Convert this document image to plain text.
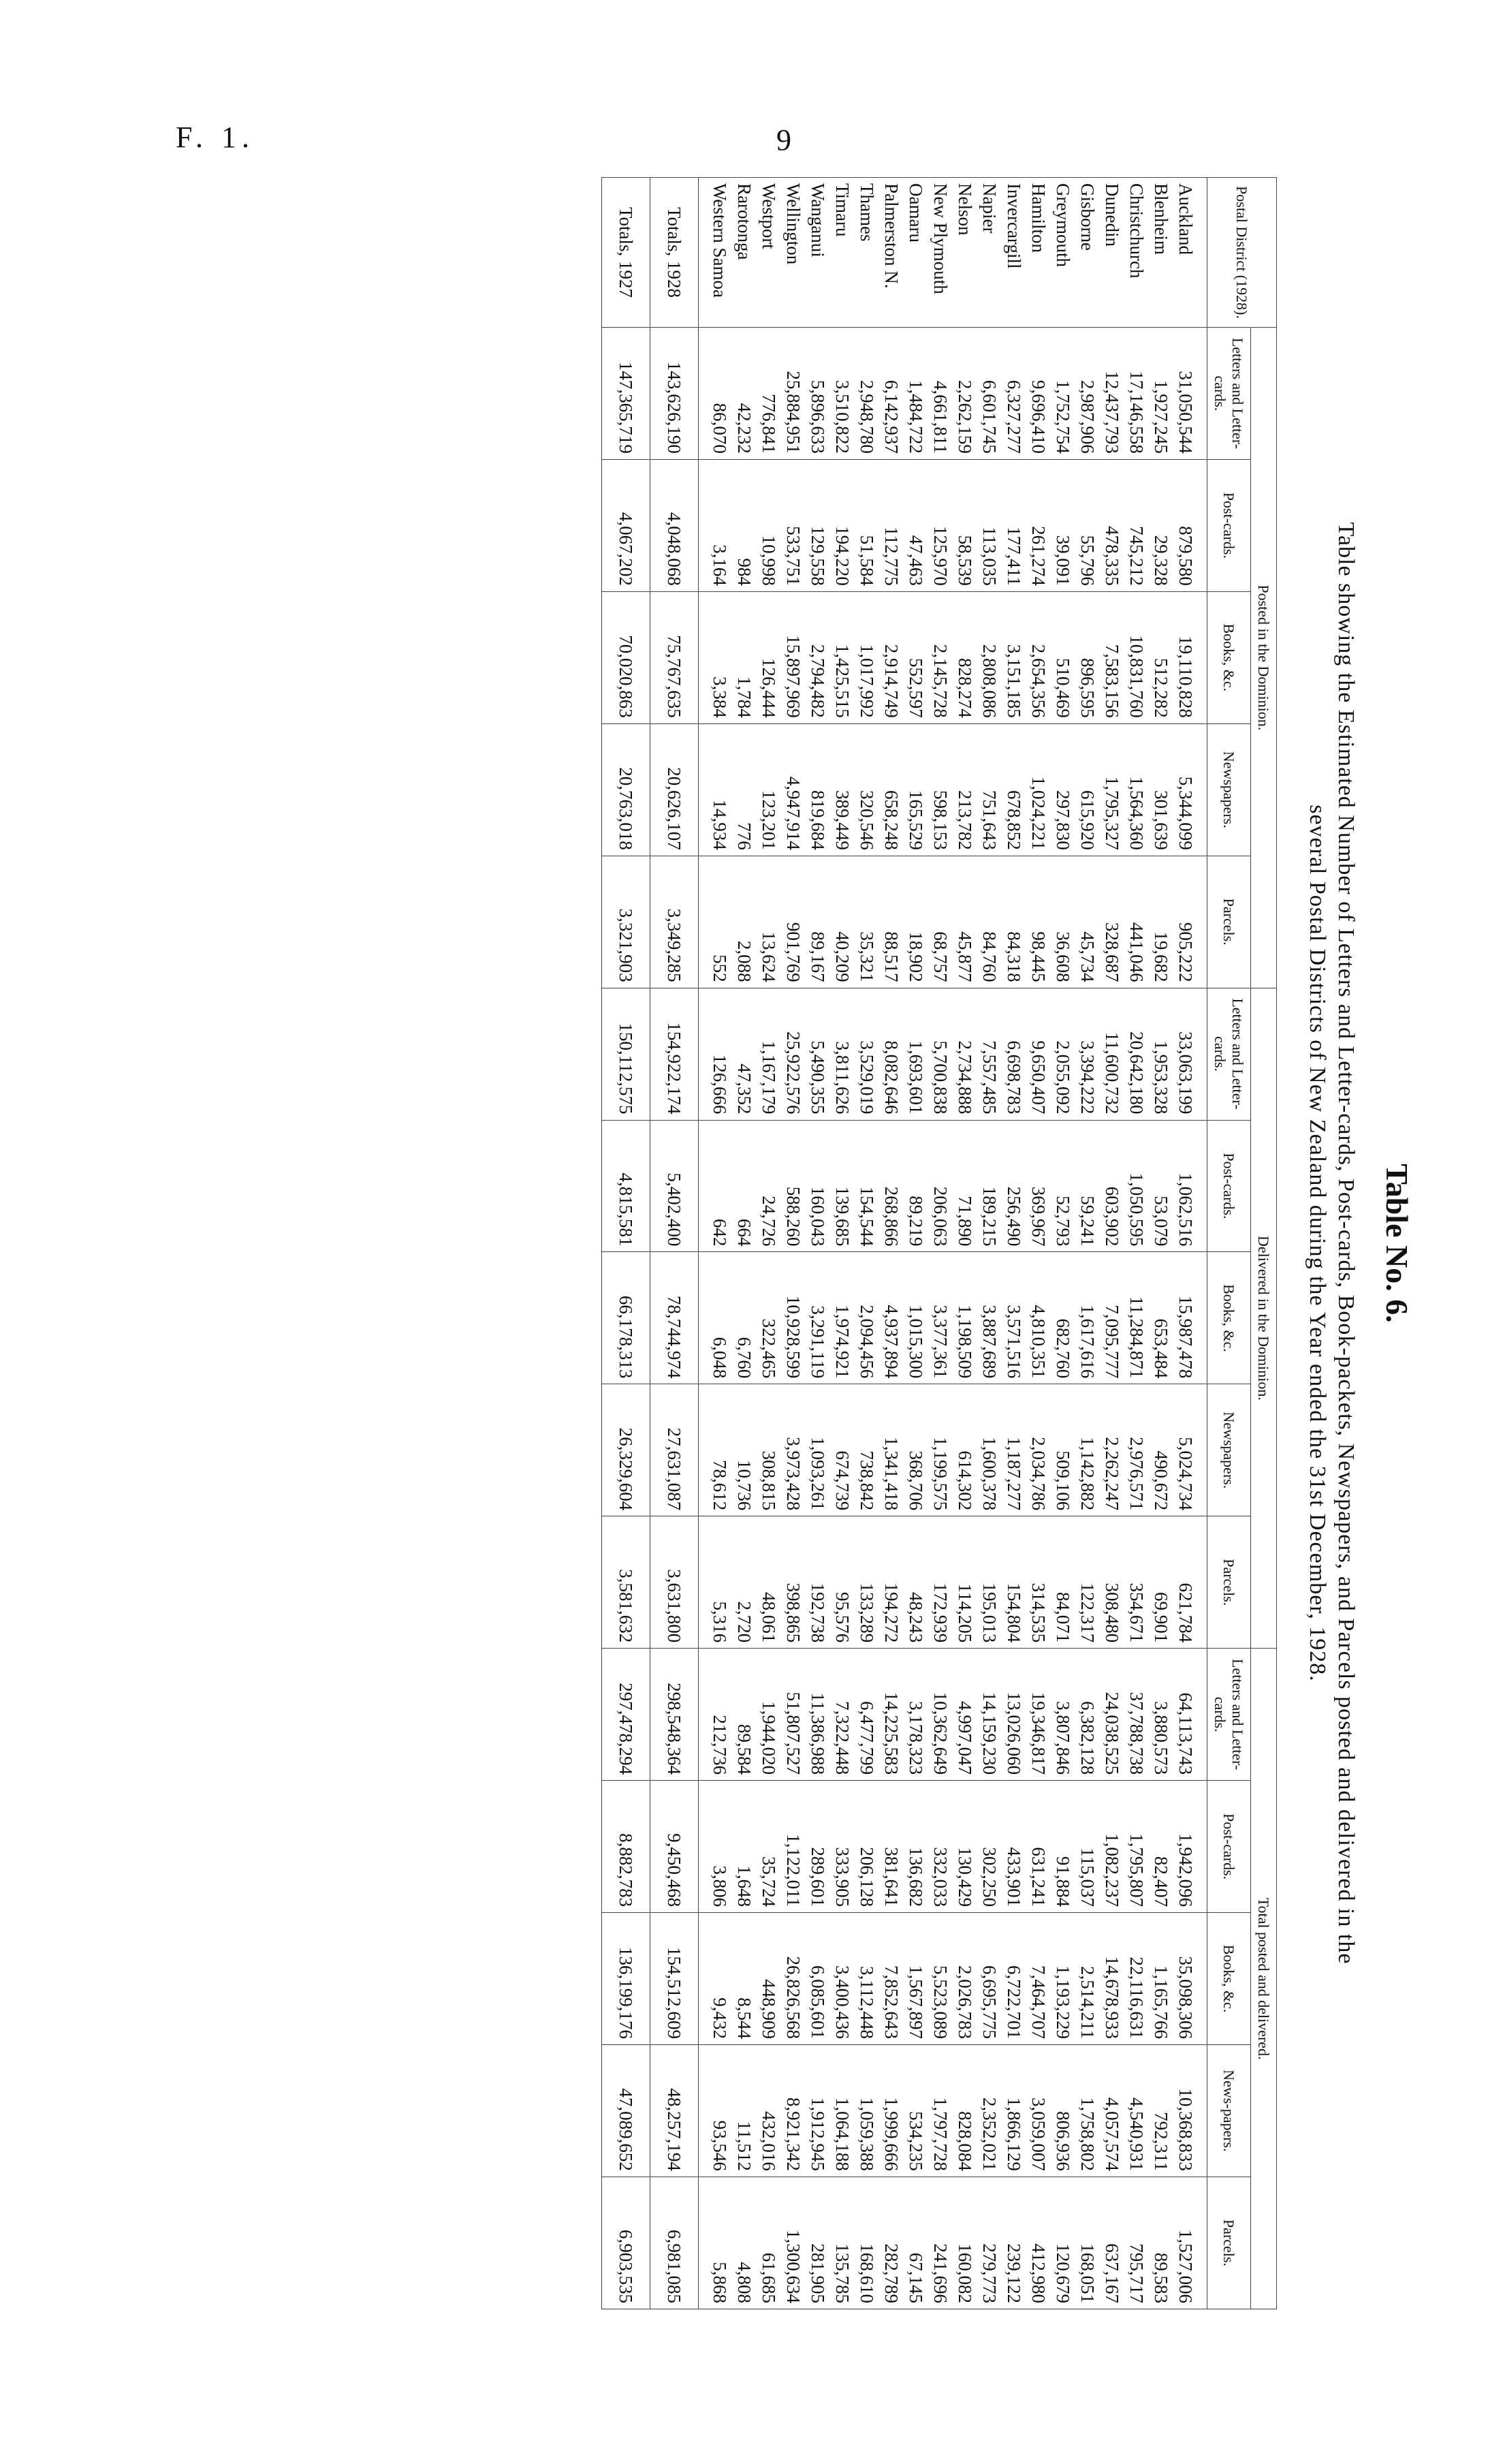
F. 1.	9
Table No. 6.
Table showing the Estimated Number of Letters and Letter-cards, Post-cards, Book-packets, Newspapers, and Parcels posted and delivered in the
several Postal Districts of New Zealand during the Year ended the 31st December, 1928.
Postal District (1928).	Posted in the Dominion.					Delivered in the Dominion.					Total posted and delivered.				
	Letters and Letter-cards.	Post-cards.	Books, &c.	Newspapers.	Parcels.	Letters and Letter-cards.	Post-cards.	Books, &c.	Newspapers.	Parcels.	Letters and Letter-cards.	Post-cards.	Books, &c.	News-papers.	Parcels.
Auckland	31,050,544	879,580	19,110,828	5,344,099	905,222	33,063,199	1,062,516	15,987,478	5,024,734	621,784	64,113,743	1,942,096	35,098,306	10,368,833	1,527,006
Blenheim	1,927,245	29,328	512,282	301,639	19,682	1,953,328	53,079	653,484	490,672	69,901	3,880,573	82,407	1,165,766	792,311	89,583
Christchurch	17,146,558	745,212	10,831,760	1,564,360	441,046	20,642,180	1,050,595	11,284,871	2,976,571	354,671	37,788,738	1,795,807	22,116,631	4,540,931	795,717
Dunedin	12,437,793	478,335	7,583,156	1,795,327	328,687	11,600,732	603,902	7,095,777	2,262,247	308,480	24,038,525	1,082,237	14,678,933	4,057,574	637,167
Gisborne	2,987,906	55,796	896,595	615,920	45,734	3,394,222	59,241	1,617,616	1,142,882	122,317	6,382,128	115,037	2,514,211	1,758,802	168,051
Greymouth	1,752,754	39,091	510,469	297,830	36,608	2,055,092	52,793	682,760	509,106	84,071	3,807,846	91,884	1,193,229	806,936	120,679
Hamilton	9,696,410	261,274	2,654,356	1,024,221	98,445	9,650,407	369,967	4,810,351	2,034,786	314,535	19,346,817	631,241	7,464,707	3,059,007	412,980
Invercargill	6,327,277	177,411	3,151,185	678,852	84,318	6,698,783	256,490	3,571,516	1,187,277	154,804	13,026,060	433,901	6,722,701	1,866,129	239,122
Napier	6,601,745	113,035	2,808,086	751,643	84,760	7,557,485	189,215	3,887,689	1,600,378	195,013	14,159,230	302,250	6,695,775	2,352,021	279,773
Nelson	2,262,159	58,539	828,274	213,782	45,877	2,734,888	71,890	1,198,509	614,302	114,205	4,997,047	130,429	2,026,783	828,084	160,082
New Plymouth	4,661,811	125,970	2,145,728	598,153	68,757	5,700,838	206,063	3,377,361	1,199,575	172,939	10,362,649	332,033	5,523,089	1,797,728	241,696
Oamaru	1,484,722	47,463	552,597	165,529	18,902	1,693,601	89,219	1,015,300	368,706	48,243	3,178,323	136,682	1,567,897	534,235	67,145
Palmerston N.	6,142,937	112,775	2,914,749	658,248	88,517	8,082,646	268,866	4,937,894	1,341,418	194,272	14,225,583	381,641	7,852,643	1,999,666	282,789
Thames	2,948,780	51,584	1,017,992	320,546	35,321	3,529,019	154,544	2,094,456	738,842	133,289	6,477,799	206,128	3,112,448	1,059,388	168,610
Timaru	3,510,822	194,220	1,425,515	389,449	40,209	3,811,626	139,685	1,974,921	674,739	95,576	7,322,448	333,905	3,400,436	1,064,188	135,785
Wanganui	5,896,633	129,558	2,794,482	819,684	89,167	5,490,355	160,043	3,291,119	1,093,261	192,738	11,386,988	289,601	6,085,601	1,912,945	281,905
Wellington	25,884,951	533,751	15,897,969	4,947,914	901,769	25,922,576	588,260	10,928,599	3,973,428	398,865	51,807,527	1,122,011	26,826,568	8,921,342	1,300,634
Westport	776,841	10,998	126,444	123,201	13,624	1,167,179	24,726	322,465	308,815	48,061	1,944,020	35,724	448,909	432,016	61,685
Rarotonga	42,232	984	1,784	776	2,088	47,352	664	6,760	10,736	2,720	89,584	1,648	8,544	11,512	4,808
Western Samoa	86,070	3,164	3,384	14,934	552	126,666	642	6,048	78,612	5,316	212,736	3,806	9,432	93,546	5,868
Totals, 1928	143,626,190	4,048,068	75,767,635	20,626,107	3,349,285	154,922,174	5,402,400	78,744,974	27,631,087	3,631,800	298,548,364	9,450,468	154,512,609	48,257,194	6,981,085
Totals, 1927	147,365,719	4,067,202	70,020,863	20,763,018	3,321,903	150,112,575	4,815,581	66,178,313	26,329,604	3,581,632	297,478,294	8,882,783	136,199,176	47,089,652	6,903,535
